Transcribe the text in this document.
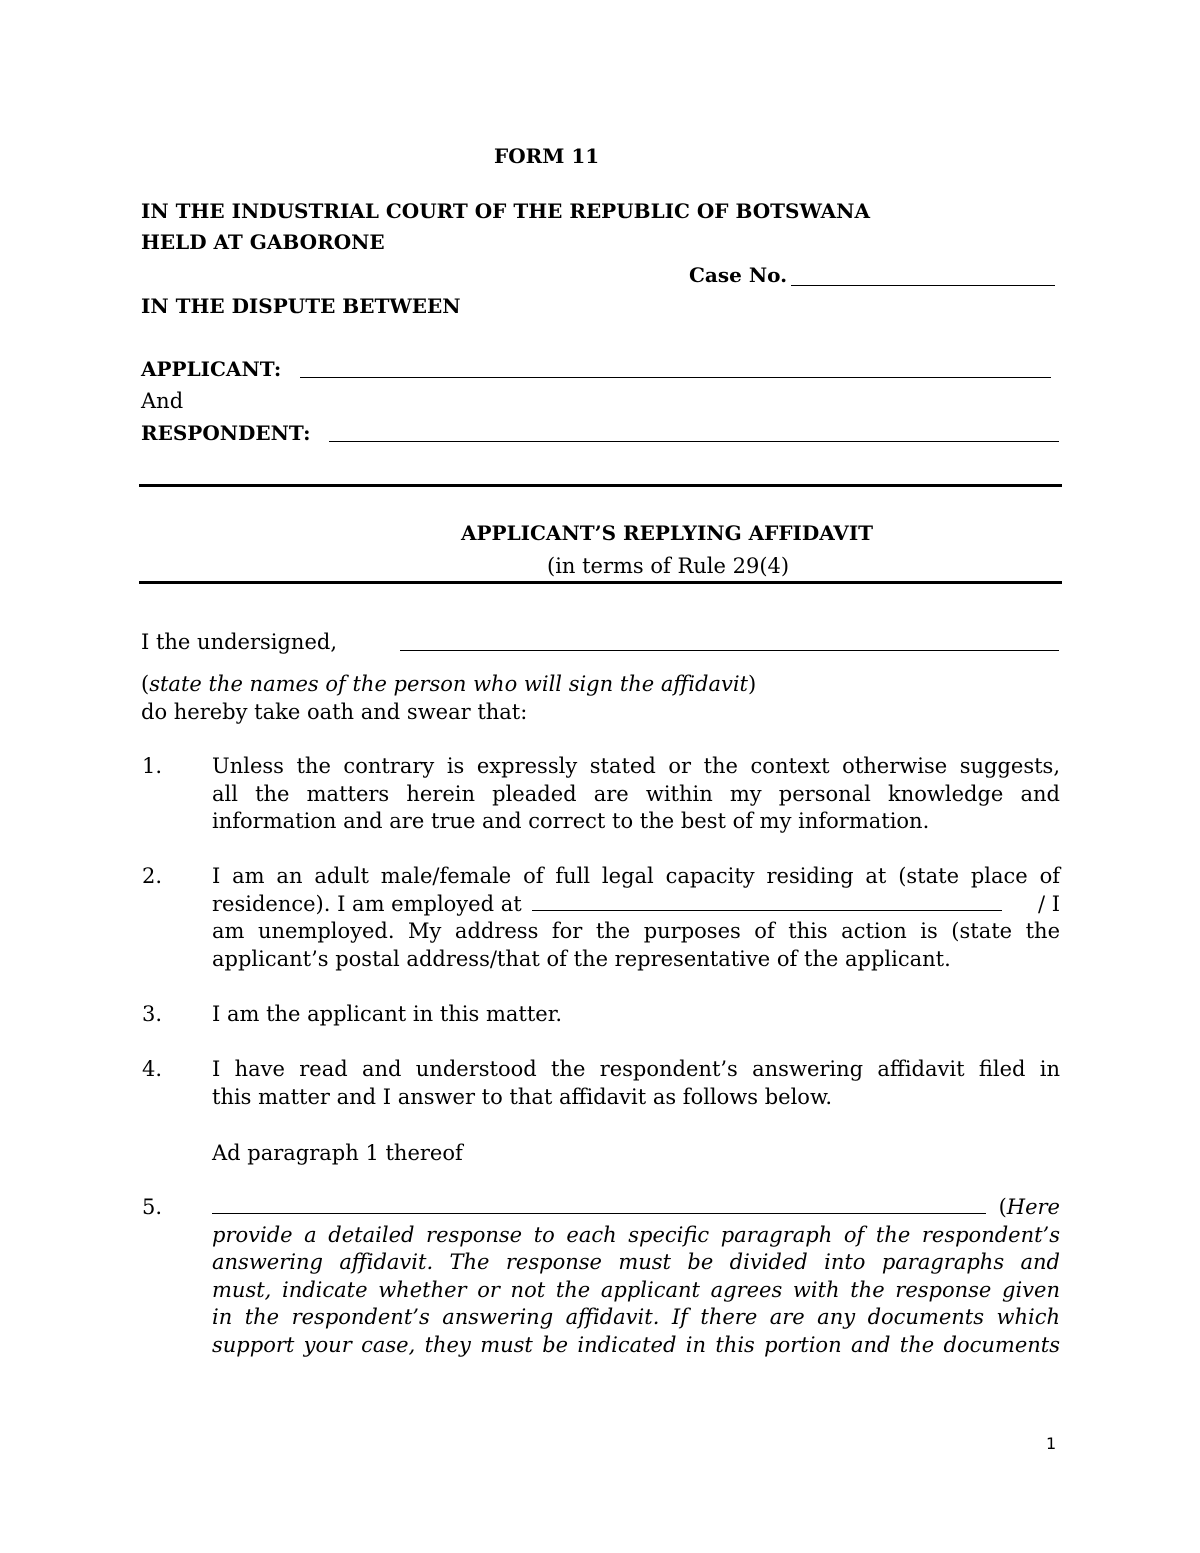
FORM 11
IN THE INDUSTRIAL COURT OF THE REPUBLIC OF BOTSWANA
HELD AT GABORONE
Case No.
IN THE DISPUTE BETWEEN
APPLICANT:
And
RESPONDENT:
APPLICANT’S REPLYING AFFIDAVIT
(in terms of Rule 29(4)
I the undersigned,
(state the names of the person who will sign the affidavit)
do hereby take oath and swear that:
1. Unless the contrary is expressly stated or the context otherwise suggests,
all the matters herein pleaded are within my personal knowledge and
information and are true and correct to the best of my information.
2. I am an adult male/female of full legal capacity residing at (state place of
residence). I am employed at	/ I
am unemployed. My address for the purposes of this action is (state the
applicant’s postal address/that of the representative of the applicant.
3. I am the applicant in this matter.
4. I have read and understood the respondent’s answering affidavit filed in
this matter and I answer to that affidavit as follows below.
Ad paragraph 1 thereof
5.	(Here
provide a detailed response to each specific paragraph of the respondent’s
answering affidavit. The response must be divided into paragraphs and
must, indicate whether or not the applicant agrees with the response given
in the respondent’s answering affidavit. If there are any documents which
support your case, they must be indicated in this portion and the documents
1
